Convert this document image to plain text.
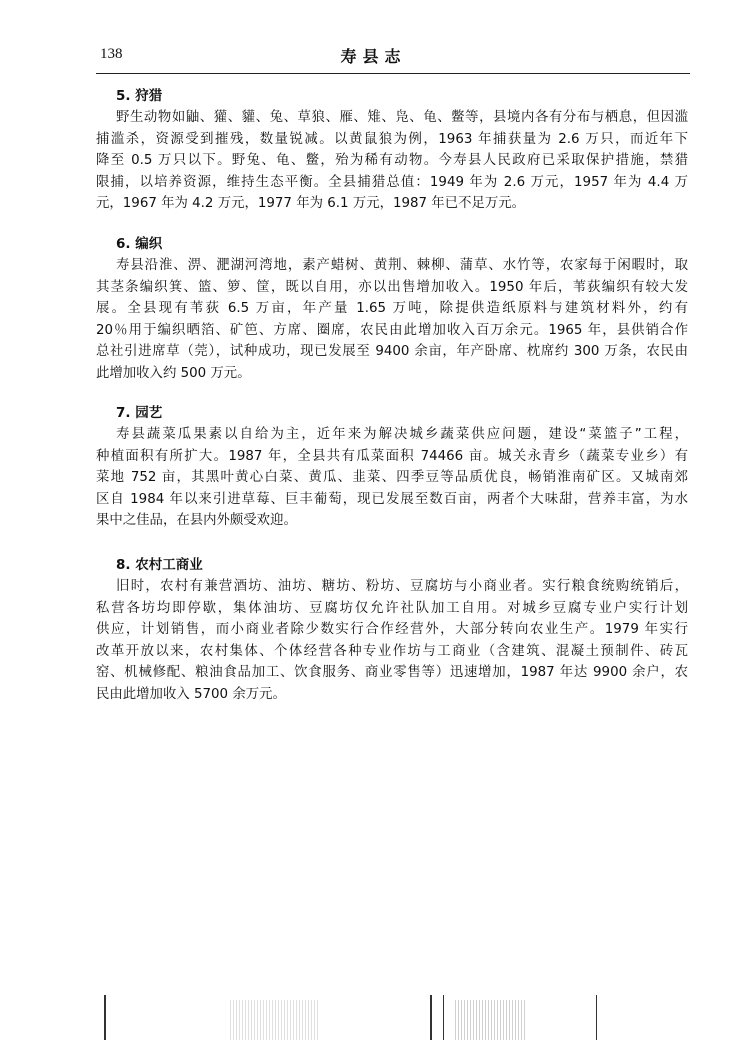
138	寿县志
5. 狩猎
野生动物如鼬、獾、貛、兔、草狼、雁、雉、凫、龟、鳖等，县境内各有分布与栖息，但因滥
捕滥杀，资源受到摧残，数量锐减。以黄鼠狼为例，1963 年捕获量为 2.6 万只，而近年下
降至 0.5 万只以下。野兔、龟、鳖，殆为稀有动物。今寿县人民政府已采取保护措施，禁猎
限捕，以培养资源，维持生态平衡。全县捕猎总值：1949 年为 2.6 万元，1957 年为 4.4 万
元，1967 年为 4.2 万元，1977 年为 6.1 万元，1987 年已不足万元。
6. 编织
寿县沿淮、淠、淝湖河湾地，素产蜡树、黄荆、棘柳、蒲草、水竹等，农家每于闲暇时，取
其茎条编织箕、篮、箩、筐，既以自用，亦以出售增加收入。1950 年后，苇荻编织有较大发
展。全县现有苇荻 6.5 万亩，年产量 1.65 万吨，除提供造纸原料与建筑材料外，约有
20％用于编织晒箔、矿笆、方席、圈席，农民由此增加收入百万余元。1965 年，县供销合作
总社引进席草（莞），试种成功，现已发展至 9400 余亩，年产卧席、枕席约 300 万条，农民由
此增加收入约 500 万元。
7. 园艺
寿县蔬菜瓜果素以自给为主，近年来为解决城乡蔬菜供应问题，建设“菜篮子”工程，
种植面积有所扩大。1987 年，全县共有瓜菜面积 74466 亩。城关永青乡（蔬菜专业乡）有
菜地 752 亩，其黑叶黄心白菜、黄瓜、韭菜、四季豆等品质优良，畅销淮南矿区。又城南郊
区自 1984 年以来引进草莓、巨丰葡萄，现已发展至数百亩，两者个大味甜，营养丰富，为水
果中之佳品，在县内外颇受欢迎。
8. 农村工商业
旧时，农村有兼营酒坊、油坊、糖坊、粉坊、豆腐坊与小商业者。实行粮食统购统销后，
私营各坊均即停歇，集体油坊、豆腐坊仅允许社队加工自用。对城乡豆腐专业户实行计划
供应，计划销售，而小商业者除少数实行合作经营外，大部分转向农业生产。1979 年实行
改革开放以来，农村集体、个体经营各种专业作坊与工商业（含建筑、混凝土预制件、砖瓦
窑、机械修配、粮油食品加工、饮食服务、商业零售等）迅速增加，1987 年达 9900 余户，农
民由此增加收入 5700 余万元。
